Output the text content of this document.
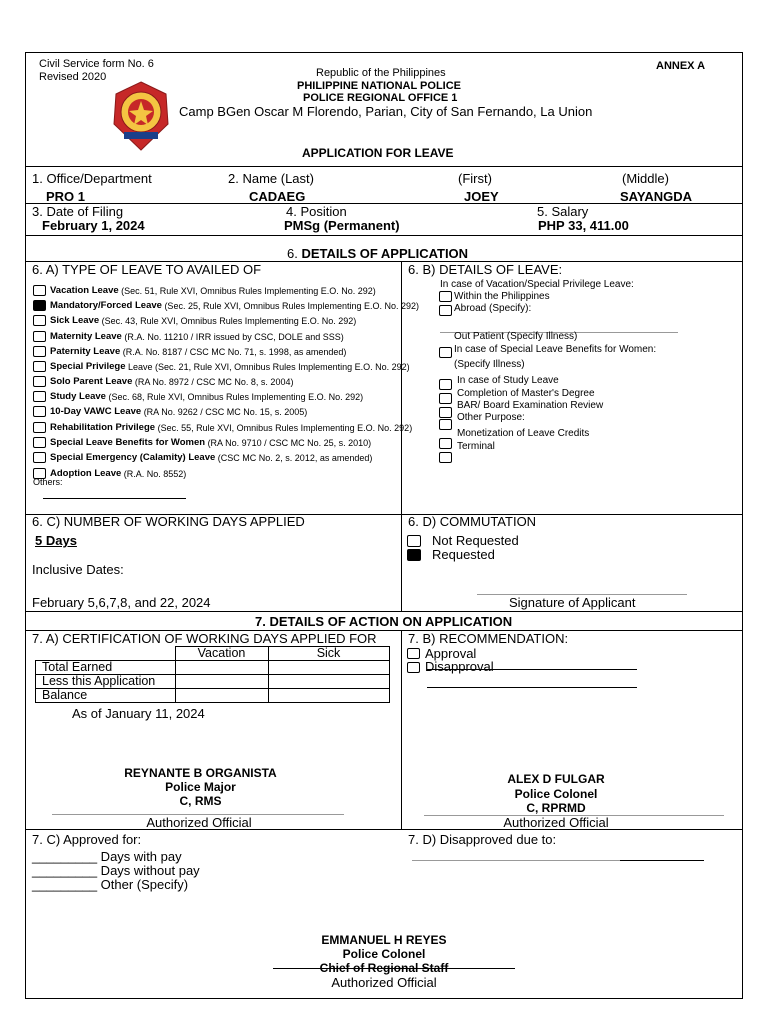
Civil Service form No. 6
Revised 2020
ANNEX A
Republic of the Philippines
PHILIPPINE NATIONAL POLICE
POLICE REGIONAL OFFICE 1
Camp BGen Oscar M Florendo, Parian, City of San Fernando, La Union
APPLICATION FOR LEAVE
1. Office/Department	2. Name (Last)	(First)	(Middle)
PRO 1	CADAEG	JOEY	SAYANGDA
3. Date of Filing	4. Position	5. Salary
February 1, 2024	PMSg (Permanent)	PHP 33, 411.00
6. DETAILS OF APPLICATION
6. A) TYPE OF LEAVE TO AVAILED OF
Vacation Leave
(Sec. 51, Rule XVI, Omnibus Rules Implementing E.O. No. 292)
Mandatory/Forced Leave
(Sec. 25, Rule XVI, Omnibus Rules Implementing E.O. No. 292)
Sick Leave
(Sec. 43, Rule XVI, Omnibus Rules Implementing E.O. No. 292)
Maternity Leave
(R.A. No. 11210 / IRR issued by CSC, DOLE and SSS)
Paternity Leave
(R.A. No. 8187 / CSC MC No. 71, s. 1998, as amended)
Special Privilege
Leave (Sec. 21, Rule XVI, Omnibus Rules Implementing E.O. No. 292)
Solo Parent Leave
(RA No. 8972 / CSC MC No. 8, s. 2004)
Study Leave
(Sec. 68, Rule XVI, Omnibus Rules Implementing E.O. No. 292)
10-Day VAWC Leave
(RA No. 9262 / CSC MC No. 15, s. 2005)
Rehabilitation Privilege
(Sec. 55, Rule XVI, Omnibus Rules Implementing E.O. No. 292)
Special Leave Benefits for Women
(RA No. 9710 / CSC MC No. 25, s. 2010)
Special Emergency (Calamity) Leave
(CSC MC No. 2, s. 2012, as amended)
Adoption Leave
(R.A. No. 8552)
Others:
6. B) DETAILS OF LEAVE:
In case of Vacation/Special Privilege Leave:
Within the Philippines
Abroad (Specify):
Out Patient (Specify Illness)
In case of Special Leave Benefits for Women:
(Specify Illness)
In case of Study Leave
Completion of Master's Degree
BAR/ Board Examination Review
Other Purpose:
Monetization of Leave Credits
Terminal
6. C) NUMBER OF WORKING DAYS APPLIED
5 Days
Inclusive Dates:
February 5,6,7,8, and 22, 2024
6. D) COMMUTATION
Not Requested
Requested
Signature of Applicant
7. DETAILS OF ACTION ON APPLICATION
7. A) CERTIFICATION OF WORKING DAYS APPLIED FOR
	Vacation	Sick
Total Earned		
Less this Application		
Balance		
As of January 11, 2024
REYNANTE B ORGANISTA
Police Major
C, RMS
Authorized Official
7. B) RECOMMENDATION:
Approval
Disapproval
ALEX D FULGAR
Police Colonel
C, RPRMD
Authorized Official
7. C) Approved for:
_________ Days with pay
_________ Days without pay
_________ Other (Specify)
7. D) Disapproved due to:
EMMANUEL H REYES
Police Colonel
Chief of Regional Staff
Authorized Official
